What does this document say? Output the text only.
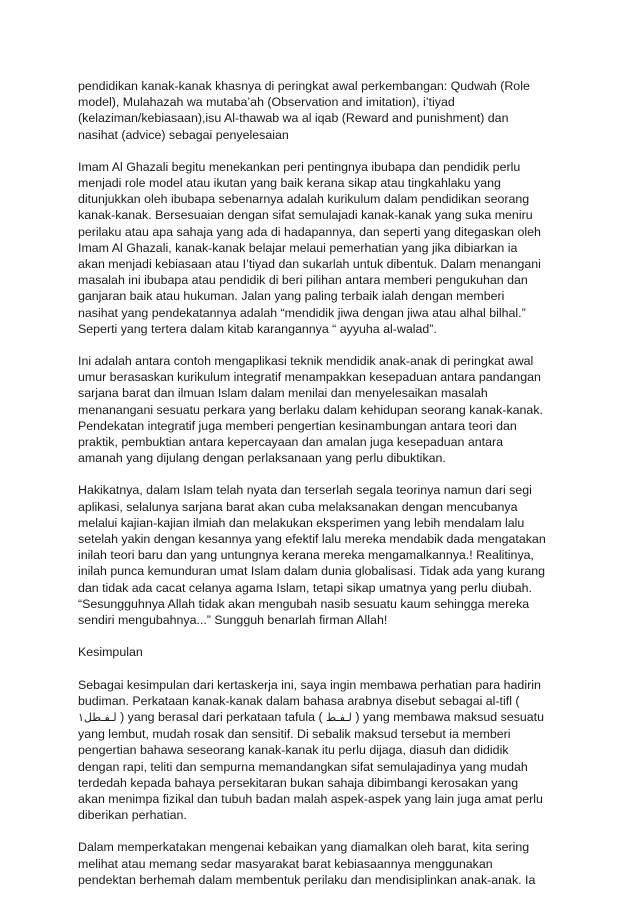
pendidikan kanak-kanak khasnya di peringkat awal perkembangan: Qudwah (Role
model), Mulahazah wa mutaba’ah (Observation and imitation), i’tiyad
(kelaziman/kebiasaan),isu Al-thawab wa al iqab (Reward and punishment) dan
nasihat (advice) sebagai penyelesaian

Imam Al Ghazali begitu menekankan peri pentingnya ibubapa dan pendidik perlu
menjadi role model atau ikutan yang baik kerana sikap atau tingkahlaku yang
ditunjukkan oleh ibubapa sebenarnya adalah kurikulum dalam pendidikan seorang
kanak-kanak. Bersesuaian dengan sifat semulajadi kanak-kanak yang suka meniru
perilaku atau apa sahaja yang ada di hadapannya, dan seperti yang ditegaskan oleh
Imam Al Ghazali, kanak-kanak belajar melaui pemerhatian yang jika dibiarkan ia
akan menjadi kebiasaan atau I’tiyad dan sukarlah untuk dibentuk. Dalam menangani
masalah ini ibubapa atau pendidik di beri pilihan antara memberi pengukuhan dan
ganjaran baik atau hukuman. Jalan yang paling terbaik ialah dengan memberi
nasihat yang pendekatannya adalah “mendidik jiwa dengan jiwa atau alhal bilhal.”
Seperti yang tertera dalam kitab karangannya “ ayyuha al-walad”.

Ini adalah antara contoh mengaplikasi teknik mendidik anak-anak di peringkat awal
umur berasaskan kurikulum integratif menampakkan kesepaduan antara pandangan
sarjana barat dan ilmuan Islam dalam menilai dan menyelesaikan masalah
menanangani sesuatu perkara yang berlaku dalam kehidupan seorang kanak-kanak.
Pendekatan integratif juga memberi pengertian kesinambungan antara teori dan
praktik, pembuktian antara kepercayaan dan amalan juga kesepaduan antara
amanah yang dijulang dengan perlaksanaan yang perlu dibuktikan.

Hakikatnya, dalam Islam telah nyata dan terserlah segala teorinya namun dari segi
aplikasi, selalunya sarjana barat akan cuba melaksanakan dengan mencubanya
melalui kajian-kajian ilmiah dan melakukan eksperimen yang lebih mendalam lalu
setelah yakin dengan kesannya yang efektif lalu mereka mendabik dada mengatakan
inilah teori baru dan yang untungnya kerana mereka mengamalkannya.! Realitinya,
inilah punca kemunduran umat Islam dalam dunia globalisasi. Tidak ada yang kurang
dan tidak ada cacat celanya agama Islam, tetapi sikap umatnya yang perlu diubah.
“Sesungguhnya Allah tidak akan mengubah nasib sesuatu kaum sehingga mereka
sendiri mengubahnya...” Sungguh benarlah firman Allah!

Kesimpulan

Sebagai kesimpulan dari kertaskerja ini, saya ingin membawa perhatian para hadirin
budiman. Perkataan kanak-kanak dalam bahasa arabnya disebut sebagai al-tifl (
لـفـطل١ ) yang berasal dari perkataan tafula ( لـفـط ) yang membawa maksud sesuatu
yang lembut, mudah rosak dan sensitif. Di sebalik maksud tersebut ia memberi
pengertian bahawa seseorang kanak-kanak itu perlu dijaga, diasuh dan dididik
dengan rapi, teliti dan sempurna memandangkan sifat semulajadinya yang mudah
terdedah kepada bahaya persekitaran bukan sahaja dibimbangi kerosakan yang
akan menimpa fizikal dan tubuh badan malah aspek-aspek yang lain juga amat perlu
diberikan perhatian.

Dalam memperkatakan mengenai kebaikan yang diamalkan oleh barat, kita sering
melihat atau memang sedar masyarakat barat kebiasaannya menggunakan
pendektan berhemah dalam membentuk perilaku dan mendisiplinkan anak-anak. Ia
